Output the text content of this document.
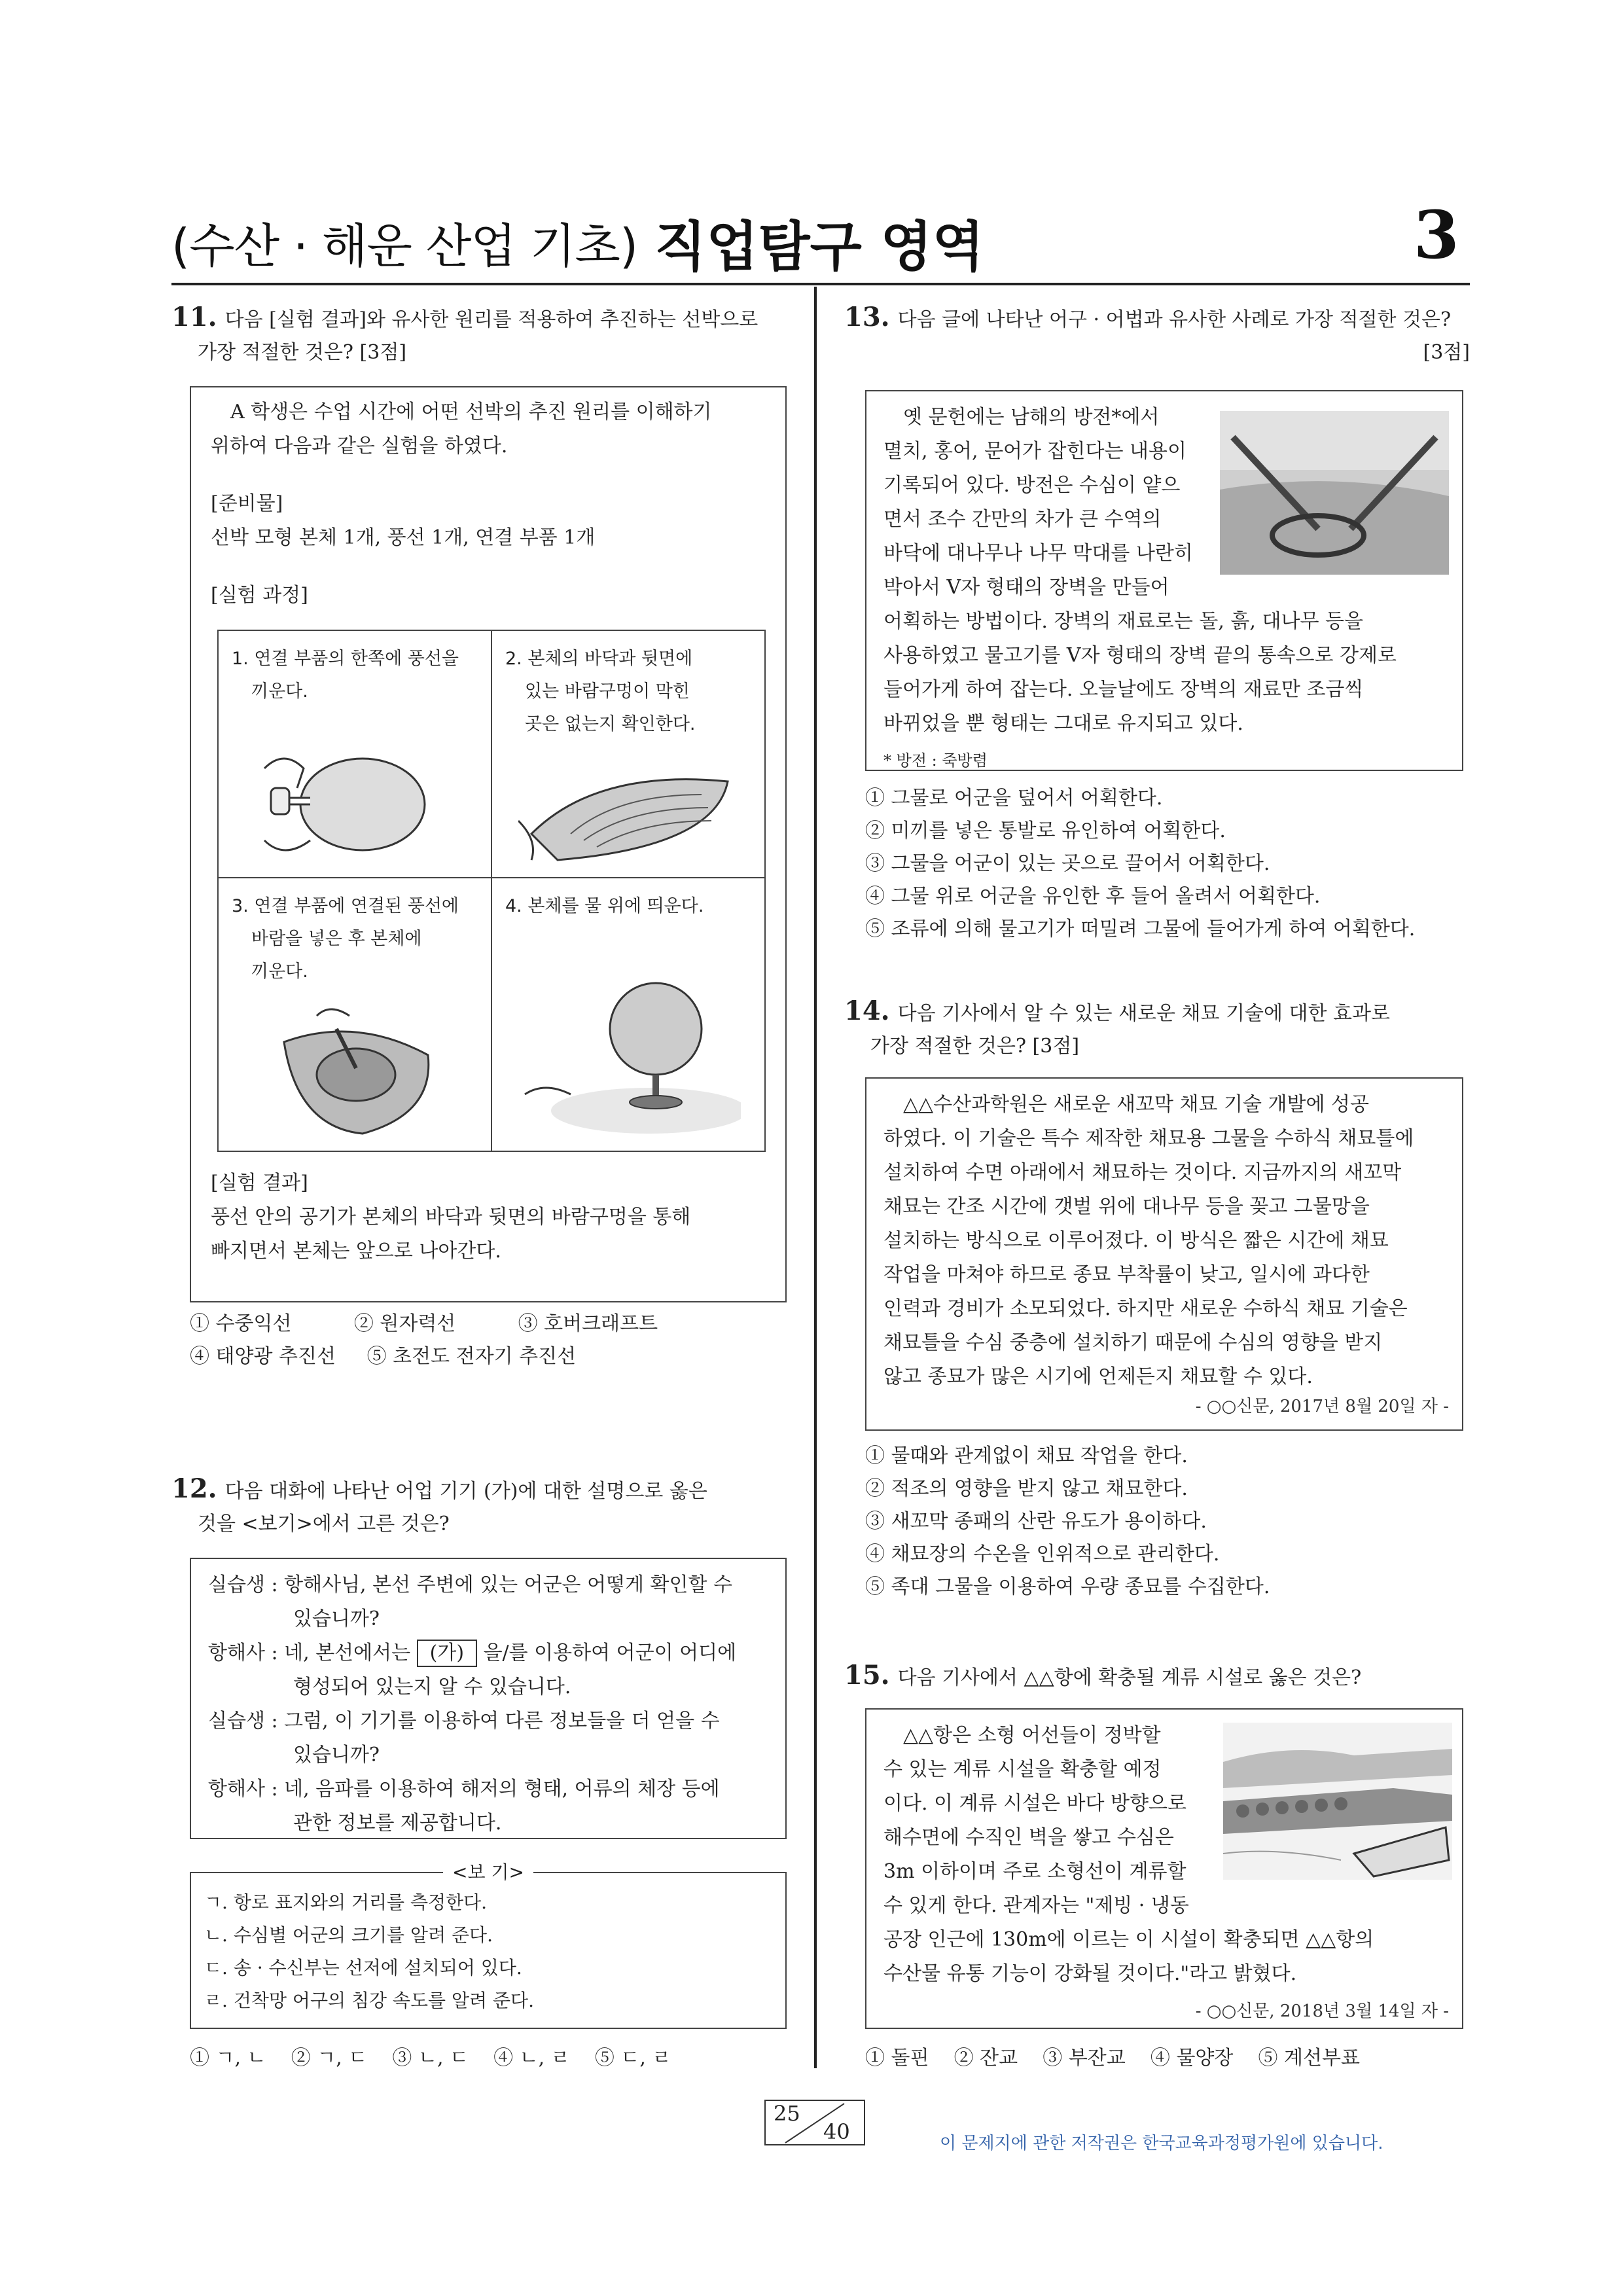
(수산 · 해운 산업 기초) 직업탐구 영역	3
11. 다음 [실험 결과]와 유사한 원리를 적용하여 추진하는 선박으로
가장 적절한 것은? [3점]
A 학생은 수업 시간에 어떤 선박의 추진 원리를 이해하기
위하여 다음과 같은 실험을 하였다.
[준비물]
선박 모형 본체 1개, 풍선 1개, 연결 부품 1개
[실험 과정]
1. 연결 부품의 한쪽에 풍선을
끼운다.
2. 본체의 바닥과 뒷면에
있는 바람구멍이 막힌
곳은 없는지 확인한다.
3. 연결 부품에 연결된 풍선에
바람을 넣은 후 본체에
끼운다.
4. 본체를 물 위에 띄운다.
[실험 결과]
풍선 안의 공기가 본체의 바닥과 뒷면의 바람구멍을 통해
빠지면서 본체는 앞으로 나아간다.
① 수중익선          ② 원자력선          ③ 호버크래프트
④ 태양광 추진선     ⑤ 초전도 전자기 추진선
12. 다음 대화에 나타난 어업 기기 (가)에 대한 설명으로 옳은
것을 <보기>에서 고른 것은?
실습생 : 항해사님, 본선 주변에 있는 어군은 어떻게 확인할 수
있습니까?
항해사 : 네, 본선에서는 (가) 을/를 이용하여 어군이 어디에
형성되어 있는지 알 수 있습니다.
실습생 : 그럼, 이 기기를 이용하여 다른 정보들을 더 얻을 수
있습니까?
항해사 : 네, 음파를 이용하여 해저의 형태, 어류의 체장 등에
관한 정보를 제공합니다.
<보 기>
ㄱ. 항로 표지와의 거리를 측정한다.
ㄴ. 수심별 어군의 크기를 알려 준다.
ㄷ. 송 · 수신부는 선저에 설치되어 있다.
ㄹ. 건착망 어구의 침강 속도를 알려 준다.
① ㄱ, ㄴ    ② ㄱ, ㄷ    ③ ㄴ, ㄷ    ④ ㄴ, ㄹ    ⑤ ㄷ, ㄹ
13. 다음 글에 나타난 어구 · 어법과 유사한 사례로 가장 적절한 것은?
[3점]
옛 문헌에는 남해의 방전*에서
멸치, 홍어, 문어가 잡힌다는 내용이
기록되어 있다. 방전은 수심이 얕으
면서 조수 간만의 차가 큰 수역의
바닥에 대나무나 나무 막대를 나란히
박아서 V자 형태의 장벽을 만들어
어획하는 방법이다. 장벽의 재료로는 돌, 흙, 대나무 등을
사용하였고 물고기를 V자 형태의 장벽 끝의 통속으로 강제로
들어가게 하여 잡는다. 오늘날에도 장벽의 재료만 조금씩
바뀌었을 뿐 형태는 그대로 유지되고 있다.
* 방전 : 죽방렴
① 그물로 어군을 덮어서 어획한다.
② 미끼를 넣은 통발로 유인하여 어획한다.
③ 그물을 어군이 있는 곳으로 끌어서 어획한다.
④ 그물 위로 어군을 유인한 후 들어 올려서 어획한다.
⑤ 조류에 의해 물고기가 떠밀려 그물에 들어가게 하여 어획한다.
14. 다음 기사에서 알 수 있는 새로운 채묘 기술에 대한 효과로
가장 적절한 것은? [3점]
△△수산과학원은 새로운 새꼬막 채묘 기술 개발에 성공
하였다. 이 기술은 특수 제작한 채묘용 그물을 수하식 채묘틀에
설치하여 수면 아래에서 채묘하는 것이다. 지금까지의 새꼬막
채묘는 간조 시간에 갯벌 위에 대나무 등을 꽂고 그물망을
설치하는 방식으로 이루어졌다. 이 방식은 짧은 시간에 채묘
작업을 마쳐야 하므로 종묘 부착률이 낮고, 일시에 과다한
인력과 경비가 소모되었다. 하지만 새로운 수하식 채묘 기술은
채묘틀을 수심 중층에 설치하기 때문에 수심의 영향을 받지
않고 종묘가 많은 시기에 언제든지 채묘할 수 있다.
- ○○신문, 2017년 8월 20일 자 -
① 물때와 관계없이 채묘 작업을 한다.
② 적조의 영향을 받지 않고 채묘한다.
③ 새꼬막 종패의 산란 유도가 용이하다.
④ 채묘장의 수온을 인위적으로 관리한다.
⑤ 족대 그물을 이용하여 우량 종묘를 수집한다.
15. 다음 기사에서 △△항에 확충될 계류 시설로 옳은 것은?
△△항은 소형 어선들이 정박할
수 있는 계류 시설을 확충할 예정
이다. 이 계류 시설은 바다 방향으로
해수면에 수직인 벽을 쌓고 수심은
3m 이하이며 주로 소형선이 계류할
수 있게 한다. 관계자는 "제빙 · 냉동
공장 인근에 130m에 이르는 이 시설이 확충되면 △△항의
수산물 유통 기능이 강화될 것이다."라고 밝혔다.
- ○○신문, 2018년 3월 14일 자 -
① 돌핀    ② 잔교    ③ 부잔교    ④ 물양장    ⑤ 계선부표
25
40	이 문제지에 관한 저작권은 한국교육과정평가원에 있습니다.
